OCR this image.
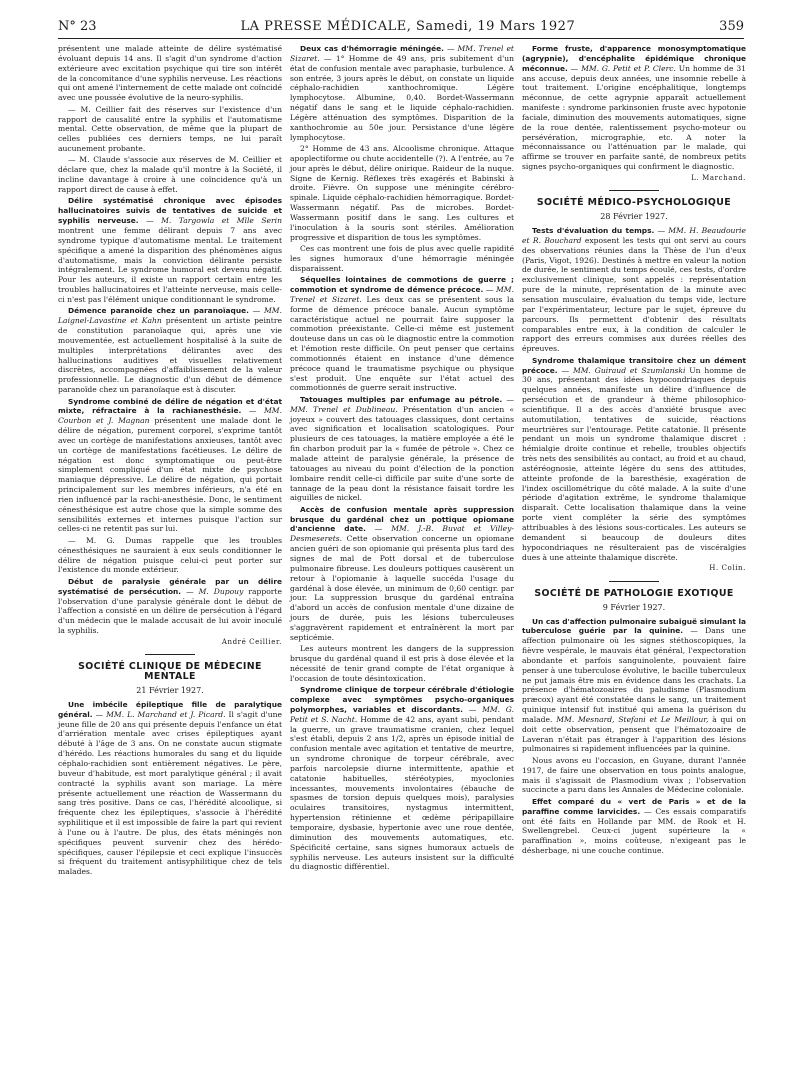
N° 23	LA PRESSE MÉDICALE, Samedi, 19 Mars 1927	359

présentent une malade atteinte de délire systématisé évoluant depuis 14 ans. Il s'agit d'un syndrome d'action extérieure avec excitation psychique qui tire son intérêt de la concomitance d'une syphilis nerveuse. Les réactions qui ont amené l'internement de cette malade ont coïncidé avec une poussée évolutive de la neuro-syphilis.

— M. Ceillier fait des réserves sur l'existence d'un rapport de causalité entre la syphilis et l'automatisme mental. Cette observation, de même que la plupart de celles publiées ces derniers temps, ne lui paraît aucunement probante.

— M. Claude s'associe aux réserves de M. Ceillier et déclare que, chez la malade qu'il montre à la Société, il incline davantage à croire à une coïncidence qu'à un rapport direct de cause à effet.

Délire systématisé chronique avec épisodes hallucinatoires suivis de tentatives de suicide et syphilis nerveuse. — M. Targowla et Mlle Serin montrent une femme délirant depuis 7 ans avec syndrome typique d'automatisme mental. Le traitement spécifique a amené la disparition des phénomènes aigus d'automatisme, mais la conviction délirante persiste intégralement. Le syndrome humoral est devenu négatif. Pour les auteurs, il existe un rapport certain entre les troubles hallucinatoires et l'atteinte nerveuse, mais celle-ci n'est pas l'élément unique conditionnant le syndrome.

Démence paranoïde chez un paranoïaque. — MM. Laignel-Lavastine et Kahn présentent un artiste peintre de constitution paranoïaque qui, après une vie mouvementée, est actuellement hospitalisé à la suite de multiples interprétations délirantes avec des hallucinations auditives et visuelles relativement discrètes, accompagnées d'affaiblissement de la valeur professionnelle. Le diagnostic d'un début de démence paranoïde chez un paranoïaque est à discuter.

Syndrome combiné de délire de négation et d'état mixte, réfractaire à la rachianesthésie. — MM. Courbon et J. Magnan présentent une malade dont le délire de négation, purement corporel, s'exprime tantôt avec un cortège de manifestations anxieuses, tantôt avec un cortège de manifestations facétieuses. Le délire de négation est donc symptomatique ou peut-être simplement compliqué d'un état mixte de psychose maniaque dépressive. Le délire de négation, qui portait principalement sur les membres inférieurs, n'a été en rien influencé par la rachi-anesthésie. Donc, le sentiment cénesthésique est autre chose que la simple somme des sensibilités externes et internes puisque l'action sur celles-ci ne retentit pas sur lui.

— M. G. Dumas rappelle que les troubles cénesthésiques ne sauraient à eux seuls conditionner le délire de négation puisque celui-ci peut porter sur l'existence du monde extérieur.

Début de paralysie générale par un délire systématisé de persécution. — M. Dupouy rapporte l'observation d'une paralysie générale dont le début de l'affection a consisté en un délire de persécution à l'égard d'un médecin que le malade accusait de lui avoir inoculé la syphilis.

André Ceillier.

SOCIÉTÉ CLINIQUE DE MÉDECINE MENTALE
21 Février 1927.

Une imbécile épileptique fille de paralytique général. — MM. L. Marchand et J. Picard. Il s'agit d'une jeune fille de 20 ans qui présente depuis l'enfance un état d'arriération mentale avec crises épileptiques ayant débuté à l'âge de 3 ans. On ne constate aucun stigmate d'hérédo. Les réactions humorales du sang et du liquide céphalo-rachidien sont entièrement négatives. Le père, buveur d'habitude, est mort paralytique général ; il avait contracté la syphilis avant son mariage. La mère présente actuellement une réaction de Wassermann du sang très positive. Dans ce cas, l'hérédité alcoolique, si fréquente chez les épileptiques, s'associe à l'hérédité syphilitique et il est impossible de faire la part qui revient à l'une ou à l'autre. De plus, des états méningés non spécifiques peuvent survenir chez des hérédo-spécifiques, causer l'épilepsie et ceci explique l'insuccès si fréquent du traitement antisyphilitique chez de tels malades.

Deux cas d'hémorragie méningée. — MM. Trenel et Sizaret. — 1° Homme de 49 ans, pris subitement d'un état de confusion mentale avec paraphasie, turbulence. A son entrée, 3 jours après le début, on constate un liquide céphalo-rachidien xanthochromique. Légère lymphocytose. Albumine, 0,40. Bordet-Wassermann négatif dans le sang et le liquide céphalo-rachidien. Légère atténuation des symptômes. Disparition de la xanthochromie au 50e jour. Persistance d'une légère lymphocytose.

2° Homme de 43 ans. Alcoolisme chronique. Attaque apoplectiforme ou chute accidentelle (?). A l'entrée, au 7e jour après le début, délire onirique. Raideur de la nuque. Signe de Kernig. Réflexes très exagérés et Babinski à droite. Fièvre. On suppose une méningite cérébro-spinale. Liquide céphalo-rachidien hémorragique. Bordet-Wassermann négatif. Pas de microbes. Bordet-Wassermann positif dans le sang. Les cultures et l'inoculation à la souris sont stériles. Amélioration progressive et disparition de tous les symptômes.

Ces cas montrent une fois de plus avec quelle rapidité les signes humoraux d'une hémorragie méningée disparaissent.

Séquelles lointaines de commotions de guerre ; commotion et syndrome de démence précoce. — MM. Trenel et Sizaret. Les deux cas se présentent sous la forme de démence précoce banale. Aucun symptôme caractéristique actuel ne pourrait faire supposer la commotion préexistante. Celle-ci même est justement douteuse dans un cas où le diagnostic entre la commotion et l'émotion reste difficile. On peut penser que certains commotionnés étaient en instance d'une démence précoce quand le traumatisme psychique ou physique s'est produit. Une enquête sur l'état actuel des commotionnés de guerre serait instructive.

Tatouages multiples par enfumage au pétrole. — MM. Trenel et Dublineau. Présentation d'un ancien « joyeux » couvert des tatouages classiques, dont certains avec signification et localisation scatologiques. Pour plusieurs de ces tatouages, la matière employée a été le fin charbon produit par la « fumée de pétrole ». Chez ce malade atteint de paralysie générale, la présence de tatouages au niveau du point d'élection de la ponction lombaire rendit celle-ci difficile par suite d'une sorte de tannage de la peau dont la résistance faisait tordre les aiguilles de nickel.

Accès de confusion mentale après suppression brusque du gardénal chez un pottique opiomane d'ancienne date. — MM. J.-B. Buvat et Villey-Desmeserets. Cette observation concerne un opiomane ancien guéri de son opiomanie qui présenta plus tard des signes de mal de Pott dorsal et de tuberculose pulmonaire fibreuse. Les douleurs pottiques causèrent un retour à l'opiomanie à laquelle succéda l'usage du gardénal à dose élevée, un minimum de 0,60 centigr. par jour. La suppression brusque du gardénal entraîna d'abord un accès de confusion mentale d'une dizaine de jours de durée, puis les lésions tuberculeuses s'aggravèrent rapidement et entraînèrent la mort par septicémie.

Les auteurs montrent les dangers de la suppression brusque du gardénal quand il est pris à dose élevée et la nécessité de tenir grand compte de l'état organique à l'occasion de toute désintoxication.

Syndrome clinique de torpeur cérébrale d'étiologie complexe avec symptômes psycho-organiques polymorphes, variables et discordants. — MM. G. Petit et S. Nacht. Homme de 42 ans, ayant subi, pendant la guerre, un grave traumatisme cranien, chez lequel s'est établi, depuis 2 ans 1/2, après un épisode initial de confusion mentale avec agitation et tentative de meurtre, un syndrome chronique de torpeur cérébrale, avec parfois narcolepsie diurne intermittente, apathie et catatonie habituelles, stéréotypies, myoclonies incessantes, mouvements involontaires (ébauche de spasmes de torsion depuis quelques mois), paralysies oculaires transitoires, nystagmus intermittent, hypertension rétinienne et œdème péripapillaire temporaire, dysbasie, hypertonie avec une roue dentée, diminution des mouvements automatiques, etc. Spécificité certaine, sans signes humoraux actuels de syphilis nerveuse. Les auteurs insistent sur la difficulté du diagnostic différentiel.

Forme fruste, d'apparence monosymptomatique (agrypnie), d'encéphalite épidémique chronique méconnue. — MM. G. Petit et P. Clerc. Un homme de 31 ans accuse, depuis deux années, une insomnie rebelle à tout traitement. L'origine encéphalitique, longtemps méconnue, de cette agrypnie apparaît actuellement manifeste : syndrome parkinsonien fruste avec hypotonie faciale, diminution des mouvements automatiques, signe de la roue dentée, ralentissement psycho-moteur ou persévération, micrographie, etc. A noter la méconnaissance ou l'atténuation par le malade, qui affirme se trouver en parfaite santé, de nombreux petits signes psycho-organiques qui confirment le diagnostic.

L. Marchand.

SOCIÉTÉ MÉDICO-PSYCHOLOGIQUE
28 Février 1927.

Tests d'évaluation du temps. — MM. H. Beaudourie et R. Bouchard exposent les tests qui ont servi au cours des observations réunies dans la Thèse de l'un d'eux (Paris, Vigot, 1926). Destinés à mettre en valeur la notion de durée, le sentiment du temps écoulé, ces tests, d'ordre exclusivement clinique, sont appelés : représentation pure de la minute, représentation de la minute avec sensation musculaire, évaluation du temps vide, lecture par l'expérimentateur, lecture par le sujet, épreuve du parcours. Ils permettent d'obtenir des résultats comparables entre eux, à la condition de calculer le rapport des erreurs commises aux durées réelles des épreuves.

Syndrome thalamique transitoire chez un dément précoce. — MM. Guiraud et Szumlanski Un homme de 30 ans, présentant des idées hypocondriaques depuis quelques années, manifeste un délire d'influence de persécution et de grandeur à thème philosophico-scientifique. Il a des accès d'anxiété brusque avec automutilation, tentatives de suicide, réactions meurtrières sur l'entourage. Petite catatonie. Il présente pendant un mois un syndrome thalamique discret : hémialgie droite continue et rebelle, troubles objectifs très nets des sensibilités au contact, au froid et au chaud, astéréognosie, atteinte légère du sens des attitudes, atteinte profonde de la baresthésie, exagération de l'index oscillométrique du côté malade. A la suite d'une période d'agitation extrême, le syndrome thalamique disparaît. Cette localisation thalamique dans la veine porte vient compléter la série des symptômes attribuables à des lésions sous-corticales. Les auteurs se demandent si beaucoup de douleurs dites hypocondriaques ne résulteraient pas de viscéralgies dues à une atteinte thalamique discrète.

H. Colin.

SOCIÉTÉ DE PATHOLOGIE EXOTIQUE
9 Février 1927.

Un cas d'affection pulmonaire subaiguë simulant la tuberculose guérie par la quinine. — Dans une affection pulmonaire où les signes stéthoscopiques, la fièvre vespérale, le mauvais état général, l'expectoration abondante et parfois sanguinolente, pouvaient faire penser à une tuberculose évolutive, le bacille tuberculeux ne put jamais être mis en évidence dans les crachats. La présence d'hématozoaires du paludisme (Plasmodium præcox) ayant été constatée dans le sang, un traitement quinique intensif fut institué qui amena la guérison du malade. MM. Mesnard, Stefani et Le Meillour, à qui on doit cette observation, pensent que l'hématozoaire de Laveran n'était pas étranger à l'apparition des lésions pulmonaires si rapidement influencées par la quinine.

Nous avons eu l'occasion, en Guyane, durant l'année 1917, de faire une observation en tous points analogue, mais il s'agissait de Plasmodium vivax ; l'observation succincte a paru dans les Annales de Médecine coloniale.

Effet comparé du « vert de Paris » et de la paraffine comme larvicides. — Ces essais comparatifs ont été faits en Hollande par MM. de Rook et H. Swellengrebel. Ceux-ci jugent supérieure la « paraffination », moins coûteuse, n'exigeant pas le désherbage, ni une couche continue.
